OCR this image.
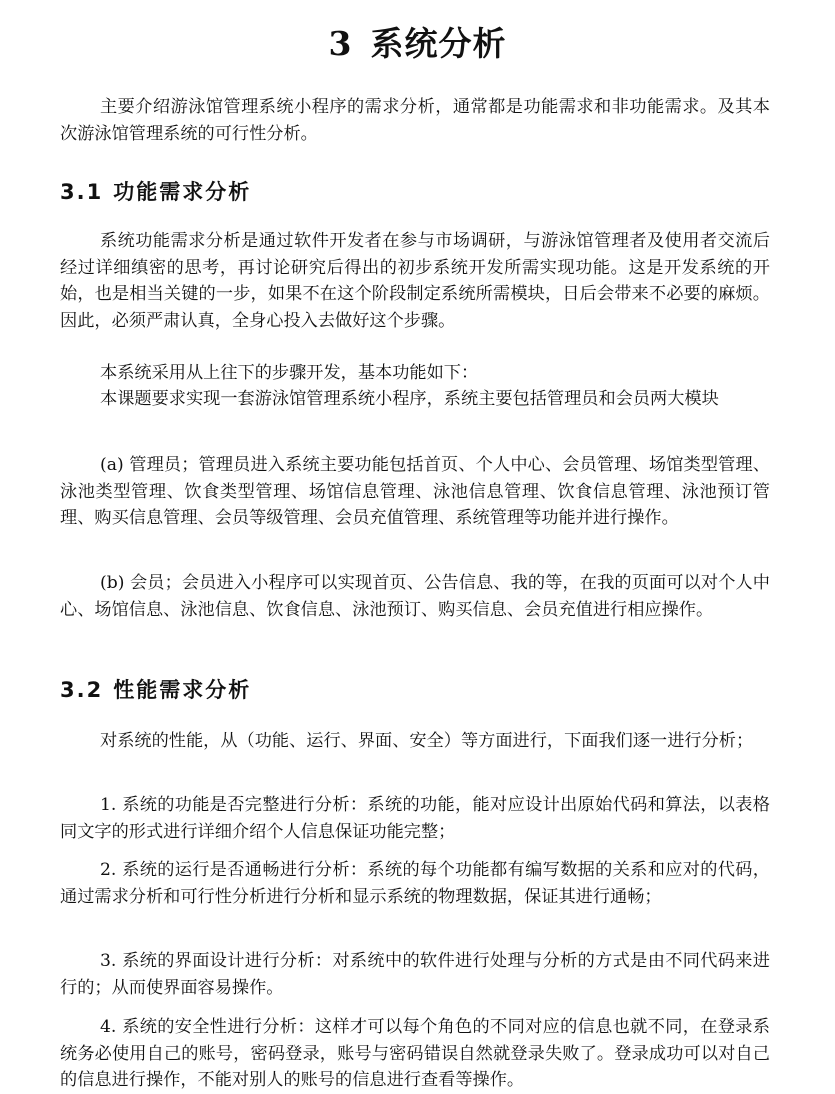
3 系统分析

主要介绍游泳馆管理系统小程序的需求分析，通常都是功能需求和非功能需求。及其本次游泳馆管理系统的可行性分析。

3.1 功能需求分析

系统功能需求分析是通过软件开发者在参与市场调研，与游泳馆管理者及使用者交流后经过详细缜密的思考，再讨论研究后得出的初步系统开发所需实现功能。这是开发系统的开始，也是相当关键的一步，如果不在这个阶段制定系统所需模块，日后会带来不必要的麻烦。因此，必须严肃认真，全身心投入去做好这个步骤。

本系统采用从上往下的步骤开发，基本功能如下：

本课题要求实现一套游泳馆管理系统小程序，系统主要包括管理员和会员两大模块

(a) 管理员；管理员进入系统主要功能包括首页、个人中心、会员管理、场馆类型管理、泳池类型管理、饮食类型管理、场馆信息管理、泳池信息管理、饮食信息管理、泳池预订管理、购买信息管理、会员等级管理、会员充值管理、系统管理等功能并进行操作。

(b) 会员；会员进入小程序可以实现首页、公告信息、我的等，在我的页面可以对个人中心、场馆信息、泳池信息、饮食信息、泳池预订、购买信息、会员充值进行相应操作。

3.2 性能需求分析

对系统的性能，从（功能、运行、界面、安全）等方面进行，下面我们逐一进行分析；

1. 系统的功能是否完整进行分析：系统的功能，能对应设计出原始代码和算法，以表格同文字的形式进行详细介绍个人信息保证功能完整；

2. 系统的运行是否通畅进行分析：系统的每个功能都有编写数据的关系和应对的代码，通过需求分析和可行性分析进行分析和显示系统的物理数据，保证其进行通畅；

3. 系统的界面设计进行分析：对系统中的软件进行处理与分析的方式是由不同代码来进行的；从而使界面容易操作。

4. 系统的安全性进行分析：这样才可以每个角色的不同对应的信息也就不同，在登录系统务必使用自己的账号，密码登录，账号与密码错误自然就登录失败了。登录成功可以对自己的信息进行操作，不能对别人的账号的信息进行查看等操作。
